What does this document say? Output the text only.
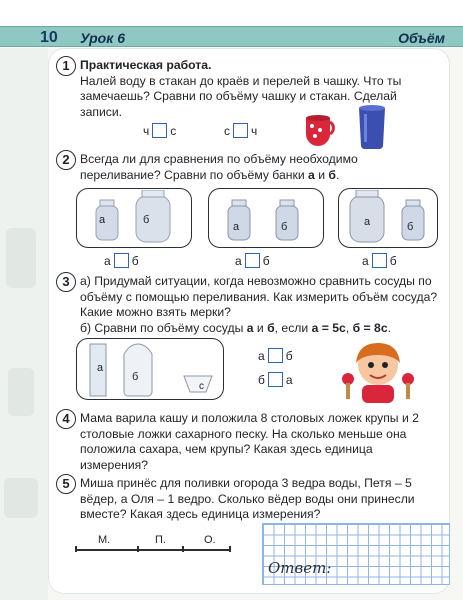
10 Урок 6	Объём
1 Практическая работа.
Налей воду в стакан до краёв и перелей в чашку. Что ты замечаешь? Сравни по объёму чашку и стакан. Сделай записи.
ч с	с ч
2 Всегда ли для сравнения по объёму необходимо переливание? Сравни по объёму банки а и б.
а	б
а	б	а	б
а б	а б	а б
3 а) Придумай ситуации, когда невозможно сравнить сосуды по объёму с помощью переливания. Как измерить объём сосуда? Какие можно взять мерки?
б) Сравни по объёму сосуды а и б, если а = 5с, б = 8с.
а
б
с
а б
б а
4 Мама варила кашу и положила 8 столовых ложек крупы и 2 столовые ложки сахарного песку. На сколько меньше она положила сахара, чем крупы? Какая здесь единица измерения?
5 Миша принёс для поливки огорода 3 ведра воды, Петя – 5 вёдер, а Оля – 1 ведро. Сколько вёдер воды они принесли вместе? Какая здесь единица измерения?
М.	П.	О.
Ответ:
